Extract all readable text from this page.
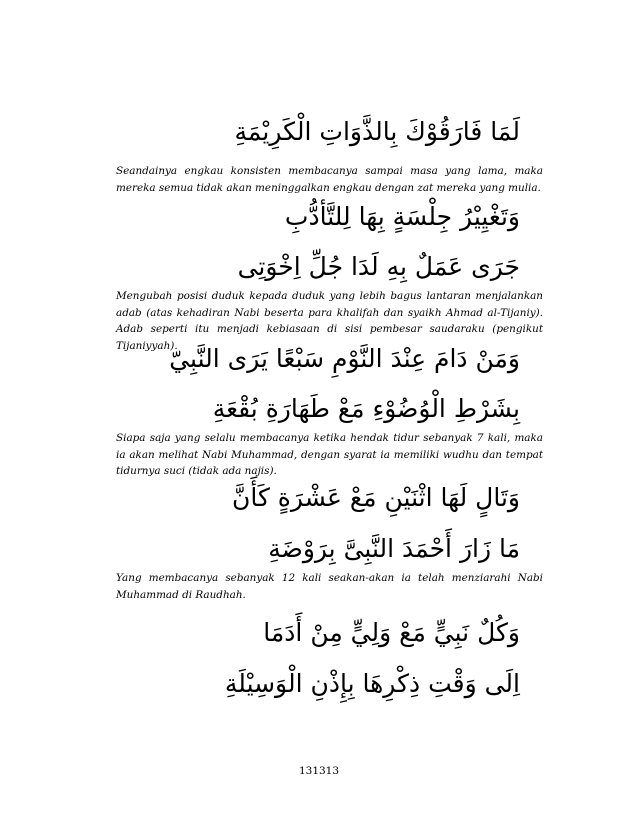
لَمَا فَارَقُوْكَ بِالذَّوَاتِ الْكَرِيْمَةِ
Seandainya engkau konsisten membacanya sampai masa yang lama, maka mereka semua tidak akan meninggalkan engkau dengan zat mereka yang mulia.
وَتَغْيِيْرُ جِلْسَةٍ بِهَا لِلتَّأدُّبِ
جَرَى عَمَلٌ بِهِ لَدَا جُلِّ اِخْوَتِى
Mengubah posisi duduk kepada duduk yang lebih bagus lantaran menjalankan adab (atas kehadiran Nabi beserta para khalifah dan syaikh Ahmad al-Tijaniy). Adab seperti itu menjadi kebiasaan di sisi pembesar saudaraku (pengikut Tijaniyyah).
وَمَنْ دَامَ عِنْدَ النَّوْمِ سَبْعًا يَرَى النَّبِيّ
بِشَرْطِ الْوُضُوْءِ مَعْ طَهَارَةِ بُقْعَةِ
Siapa saja yang selalu membacanya ketika hendak tidur sebanyak 7 kali, maka ia akan melihat Nabi Muhammad, dengan syarat ia memiliki wudhu dan tempat tidurnya suci (tidak ada najis).
وَتَالٍ لَهَا اثْنَيْنِ مَعْ عَشْرَةٍ كَأَنَّ
مَا زَارَ أَحْمَدَ النَّبِىَّ بِرَوْضَةِ
Yang membacanya sebanyak 12 kali seakan-akan ia telah menziarahi Nabi Muhammad di Raudhah.
وَكُلٌ نَبِيٍّ مَعْ وَلِيٍّ مِنْ أَدَمَا
اِلَى وَقْتِ ذِكْرِهَا بِإِذْنِ الْوَسِيْلَةِ
131313
